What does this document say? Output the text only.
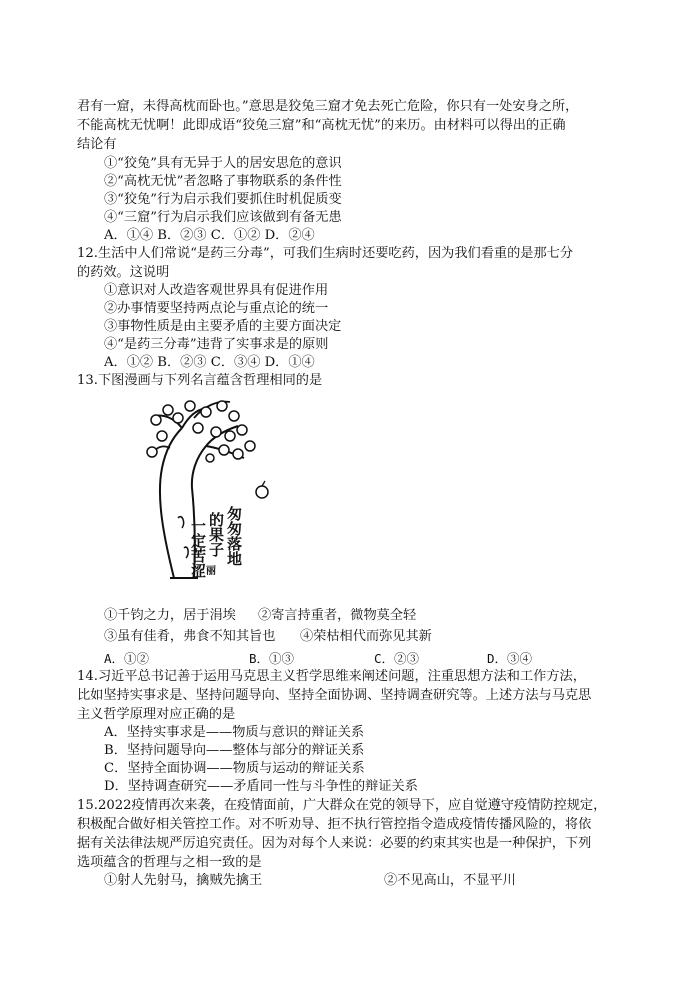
君有一窟，未得高枕而卧也。”意思是狡兔三窟才免去死亡危险，你只有一处安身之所，
不能高枕无忧啊！此即成语“狡兔三窟”和“高枕无忧”的来历。由材料可以得出的正确
结论有
①“狡兔”具有无异于人的居安思危的意识
②“高枕无忧”者忽略了事物联系的条件性
③“狡兔”行为启示我们要抓住时机促质变
④“三窟”行为启示我们应该做到有备无患
A．①④ B．②③ C．①② D．②④
12.生活中人们常说“是药三分毒”，可我们生病时还要吃药，因为我们看重的是那七分
的药效。这说明
①意识对人改造客观世界具有促进作用
②办事情要坚持两点论与重点论的统一
③事物性质是由主要矛盾的主要方面决定
④“是药三分毒”违背了实事求是的原则
A．①② B．②③ C．③④ D．①④
13.下图漫画与下列名言蕴含哲理相同的是
匆匆落地
的果子
一定苦涩 丽
①千钧之力，居于涓埃 ②寄言持重者，微物莫全轻
③虽有佳肴，弗食不知其旨也 ④荣枯相代而弥见其新
A．①②	B．①③	C．②③	D．③④
14.习近平总书记善于运用马克思主义哲学思维来阐述问题，注重思想方法和工作方法，
比如坚持实事求是、坚持问题导向、坚持全面协调、坚持调查研究等。上述方法与马克思
主义哲学原理对应正确的是
A．坚持实事求是——物质与意识的辩证关系
B．坚持问题导向——整体与部分的辩证关系
C．坚持全面协调——物质与运动的辩证关系
D．坚持调查研究——矛盾同一性与斗争性的辩证关系
15.2022疫情再次来袭，在疫情面前，广大群众在党的领导下，应自觉遵守疫情防控规定，
积极配合做好相关管控工作。对不听劝导、拒不执行管控指令造成疫情传播风险的，将依
据有关法律法规严厉追究责任。因为对每个人来说：必要的约束其实也是一种保护，下列
选项蕴含的哲理与之相一致的是
①射人先射马，擒贼先擒王	②不见高山，不显平川
